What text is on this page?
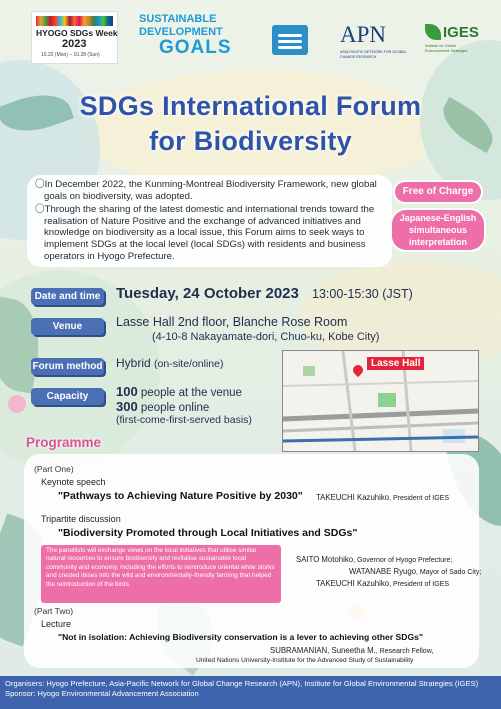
HYOGO SDGs Week
2023
10.22 (Mon) – 10.28 (Sun)
SUSTAINABLE
DEVELOPMENT
GOALS
APN
ASIA-PACIFIC NETWORK FOR GLOBAL CHANGE RESEARCH
IGES
Institute for Global Environmental Strategies
SDGs International Forum
for Biodiversity

〇In December 2022, the Kunming-Montreal Biodiversity Framework, new global goals on biodiversity, was adopted.

〇Through the sharing of the latest domestic and international trends toward the realisation of Nature Positive and the exchange of advanced initiatives and knowledge on biodiversity as a local issue, this Forum aims to seek ways to implement SDGs at the local level (local SDGs) with residents and business operators in Hyogo Prefecture.

Free of Charge
Japanese-English
simultaneous
interpretation
Date and time Tuesday, 24 October 2023 13:00-15:30 (JST)
Venue	Lasse Hall 2nd floor, Blanche Rose Room
(4-10-8 Nakayamate-dori, Chuo-ku, Kobe City)
Forum method Hybrid (on-site/online)
Capacity	100 people at the venue
300 people online
(first-come-first-served basis)
Lasse Hall
Programme
(Part One)
Keynote speech
"Pathways to Achieving Nature Positive by 2030" TAKEUCHI Kazuhiko, President of IGES
Tripartite discussion
"Biodiversity Promoted through Local Initiatives and SDGs"
The panellists will exchange views on the local initiatives that utilise similar natural resources to ensure biodiversity and revitalise sustainable local community and economy, including the efforts to reintroduce oriental white storks and crested ibises into the wild and environmentally-friendly farming that helped the reintroduction of the birds.
SAITO Motohiko, Governor of Hyogo Prefecture;
WATANABE Ryugo, Mayor of Sado City;
TAKEUCHI Kazuhiko, President of IGES
(Part Two)
Lecture
"Not in isolation: Achieving Biodiversity conservation is a lever to achieving other SDGs"
SUBRAMANIAN, Suneetha M., Research Fellow,
United Nations University-Institute for the Advanced Study of Sustainability
Organisers: Hyogo Prefecture, Asia-Pacific Network for Global Change Research (APN), Institute for Global Environmental Strategies (IGES)
Sponsor: Hyogo Environmental Advancement Association
